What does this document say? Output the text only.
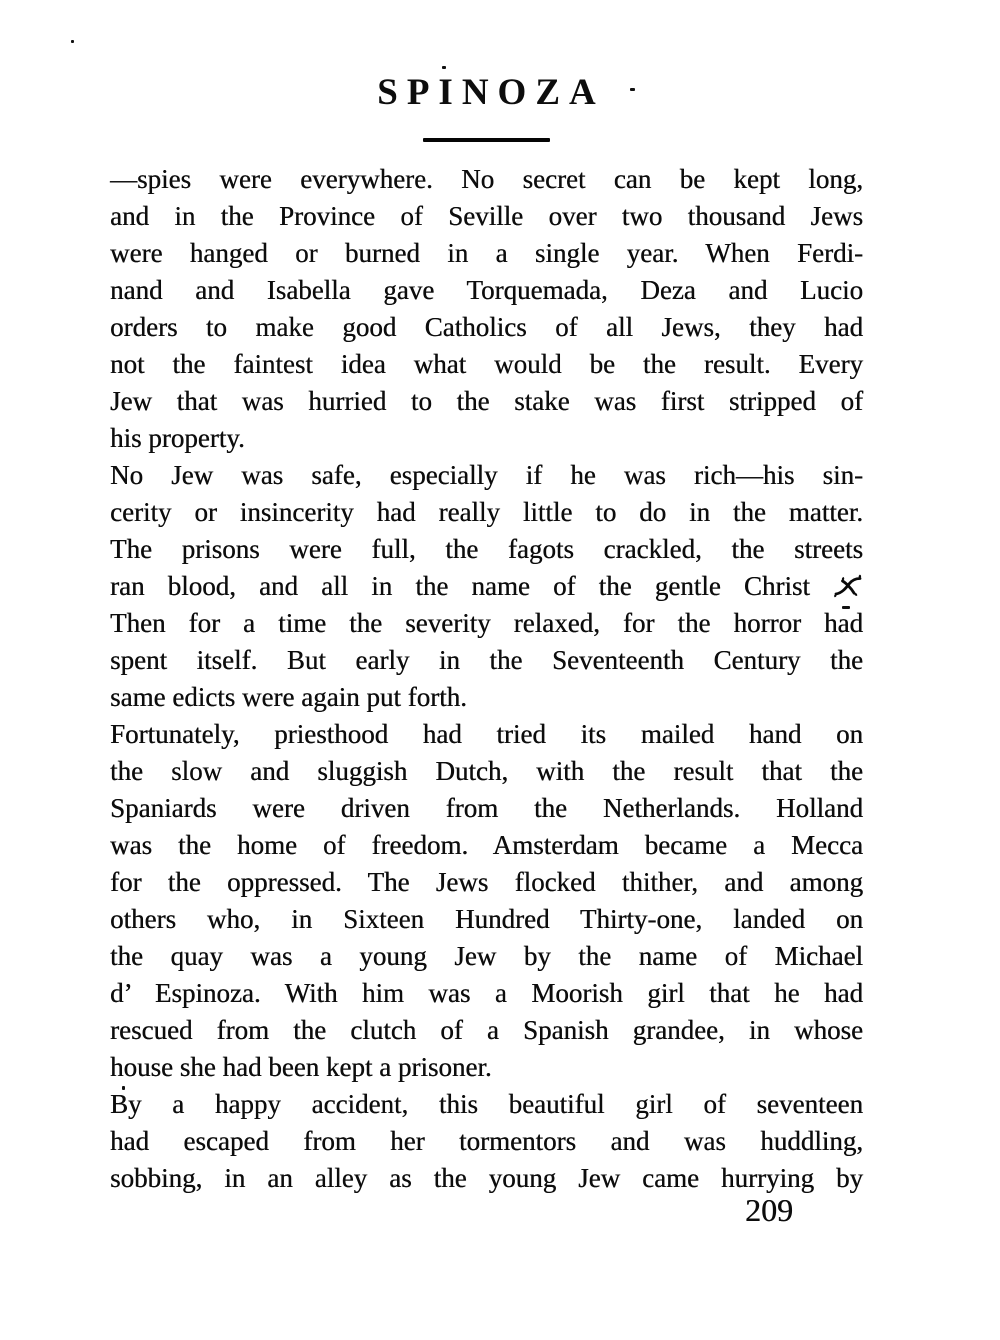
SPINOZA
—spies were everywhere. No secret can be kept long,
and in the Province of Seville over two thousand Jews
were hanged or burned in a single year. When Ferdi-
nand and Isabella gave Torquemada, Deza and Lucio
orders to make good Catholics of all Jews, they had
not the faintest idea what would be the result. Every
Jew that was hurried to the stake was first stripped of
his property.
No Jew was safe, especially if he was rich—his sin-
cerity or insincerity had really little to do in the matter.
The prisons were full, the fagots crackled, the streets
ran blood, and all in the name of the gentle Christ
Then for a time the severity relaxed, for the horror had
spent itself. But early in the Seventeenth Century the
same edicts were again put forth.
Fortunately, priesthood had tried its mailed hand on
the slow and sluggish Dutch, with the result that the
Spaniards were driven from the Netherlands. Holland
was the home of freedom. Amsterdam became a Mecca
for the oppressed. The Jews flocked thither, and among
others who, in Sixteen Hundred Thirty-one, landed on
the quay was a young Jew by the name of Michael
d’ Espinoza. With him was a Moorish girl that he had
rescued from the clutch of a Spanish grandee, in whose
house she had been kept a prisoner.
By a happy accident, this beautiful girl of seventeen
had escaped from her tormentors and was huddling,
sobbing, in an alley as the young Jew came hurrying by
209
